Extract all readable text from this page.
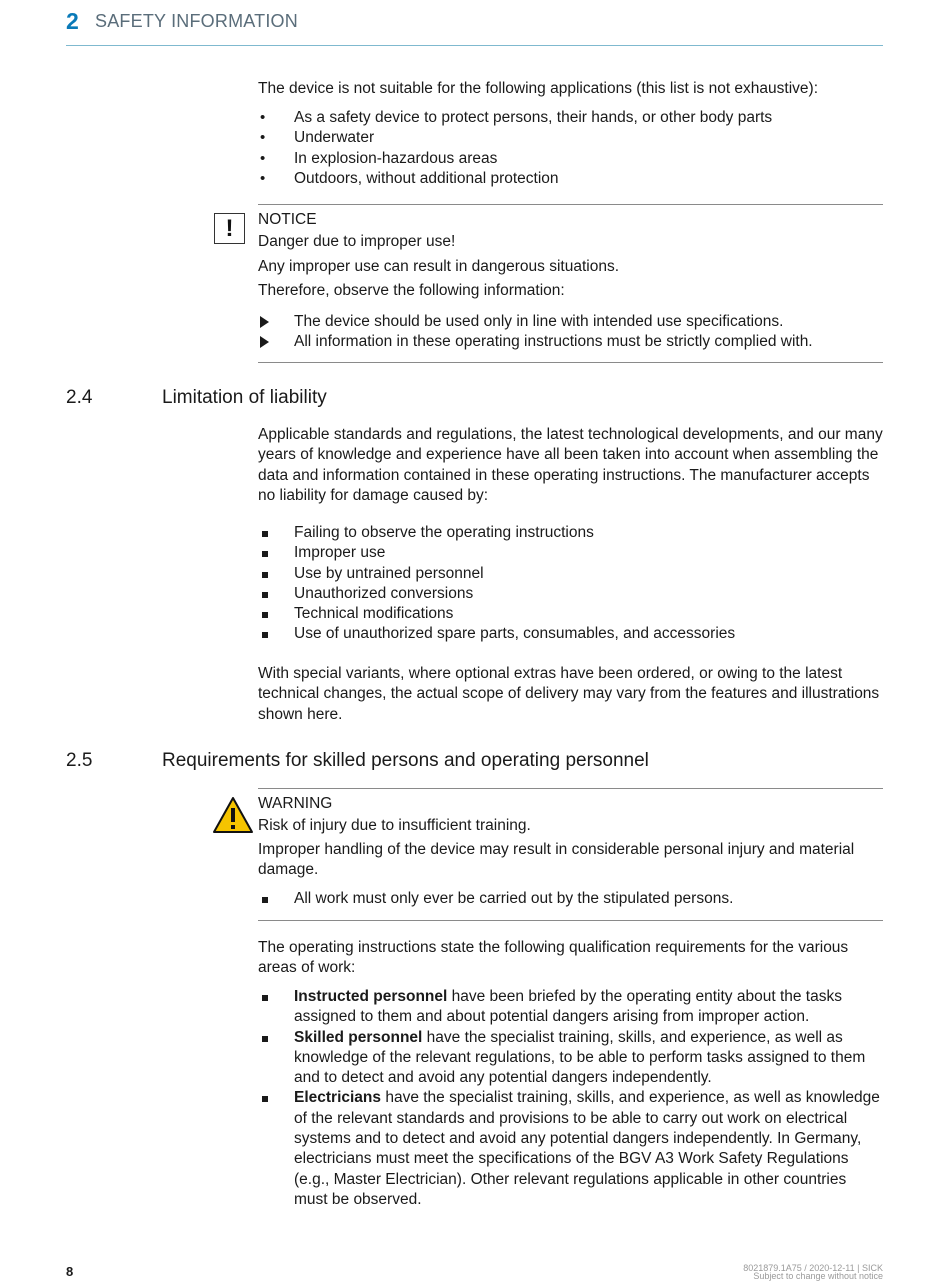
2 SAFETY INFORMATION
The device is not suitable for the following applications (this list is not exhaustive):
• As a safety device to protect persons, their hands, or other body parts
• Underwater
• In explosion-hazardous areas
• Outdoors, without additional protection
!	NOTICE
Danger due to improper use!
Any improper use can result in dangerous situations.
Therefore, observe the following information:
The device should be used only in line with intended use specifications.
All information in these operating instructions must be strictly complied with.
2.4	Limitation of liability
Applicable standards and regulations, the latest technological developments, and our many years of knowledge and experience have all been taken into account when assembling the data and information contained in these operating instructions. The manufacturer accepts no liability for damage caused by:
Failing to observe the operating instructions
Improper use
Use by untrained personnel
Unauthorized conversions
Technical modifications
Use of unauthorized spare parts, consumables, and accessories
With special variants, where optional extras have been ordered, or owing to the latest technical changes, the actual scope of delivery may vary from the features and illustrations shown here.
2.5	Requirements for skilled persons and operating personnel
WARNING
Risk of injury due to insufficient training.
Improper handling of the device may result in considerable personal injury and material damage.
All work must only ever be carried out by the stipulated persons.
The operating instructions state the following qualification requirements for the various areas of work:
Instructed personnel have been briefed by the operating entity about the tasks assigned to them and about potential dangers arising from improper action.
Skilled personnel have the specialist training, skills, and experience, as well as knowledge of the relevant regulations, to be able to perform tasks assigned to them and to detect and avoid any potential dangers independently.
Electricians have the specialist training, skills, and experience, as well as knowledge of the relevant standards and provisions to be able to carry out work on electrical systems and to detect and avoid any potential dangers independently. In Germany, electricians must meet the specifications of the BGV A3 Work Safety Regulations (e.g., Master Electrician). Other relevant regulations applicable in other countries must be observed.
8	8021879.1A75 / 2020-12-11 | SICK
Subject to change without notice
